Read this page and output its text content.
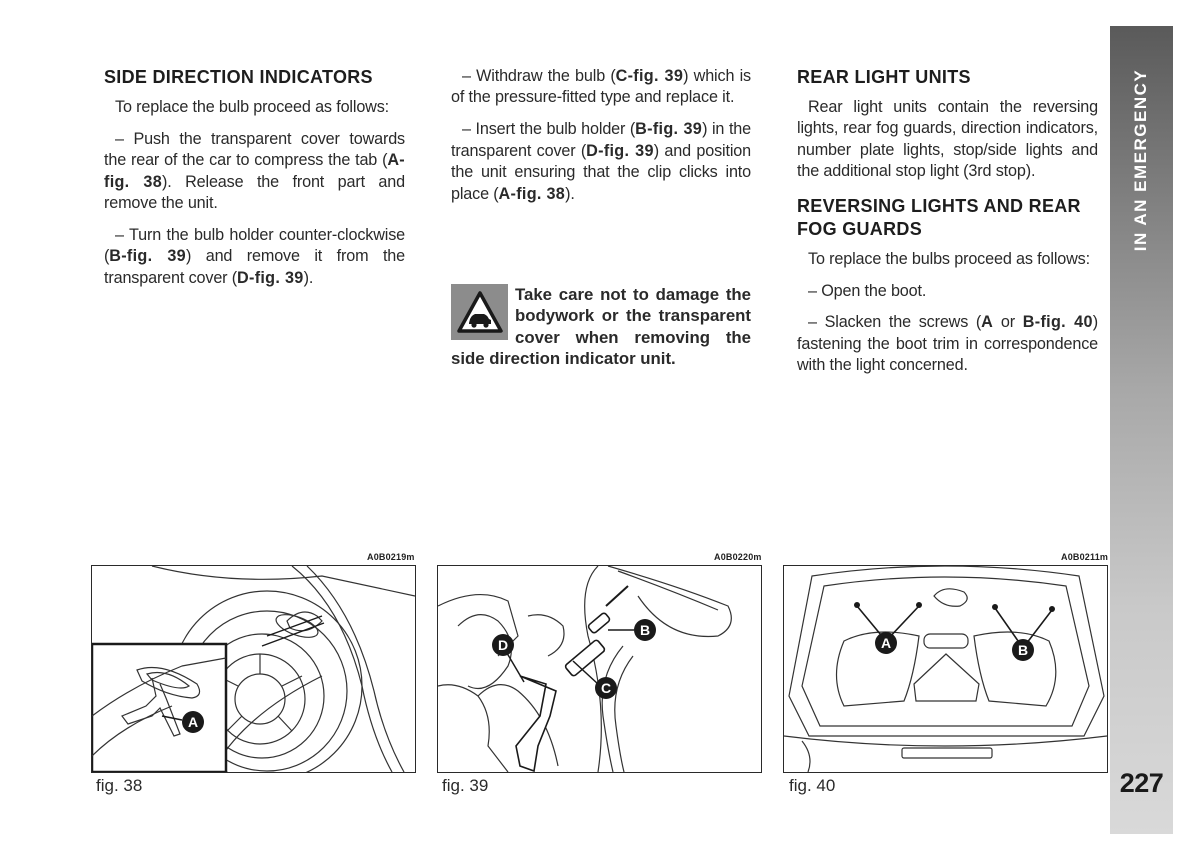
SIDE DIRECTION INDICATORS

To replace the bulb proceed as follows:

– Push the transparent cover towards the rear of the car to compress the tab (A-fig. 38). Release the front part and remove the unit.

– Turn the bulb holder counter-clockwise (B-fig. 39) and remove it from the transparent cover (D-fig. 39).

– Withdraw the bulb (C-fig. 39) which is of the pressure-fitted type and replace it.

– Insert the bulb holder (B-fig. 39) in the transparent cover (D-fig. 39) and position the unit ensuring that the clip clicks into place (A-fig. 38).

Take care not to damage the bodywork or the transparent cover when removing the side direction indicator unit.
REAR LIGHT UNITS

Rear light units contain the reversing lights, rear fog guards, direction indicators, number plate lights, stop/side lights and the additional stop light (3rd stop).

REVERSING LIGHTS AND REAR FOG GUARDS

To replace the bulbs proceed as follows:

– Open the boot.

– Slacken the screws (A or B-fig. 40) fastening the boot trim in correspondence with the light concerned.

IN AN EMERGENCY
227
A0B0219m	A0B0220m	A0B0211m
A
D
B
C
A	B
fig. 38	fig. 39	fig. 40
